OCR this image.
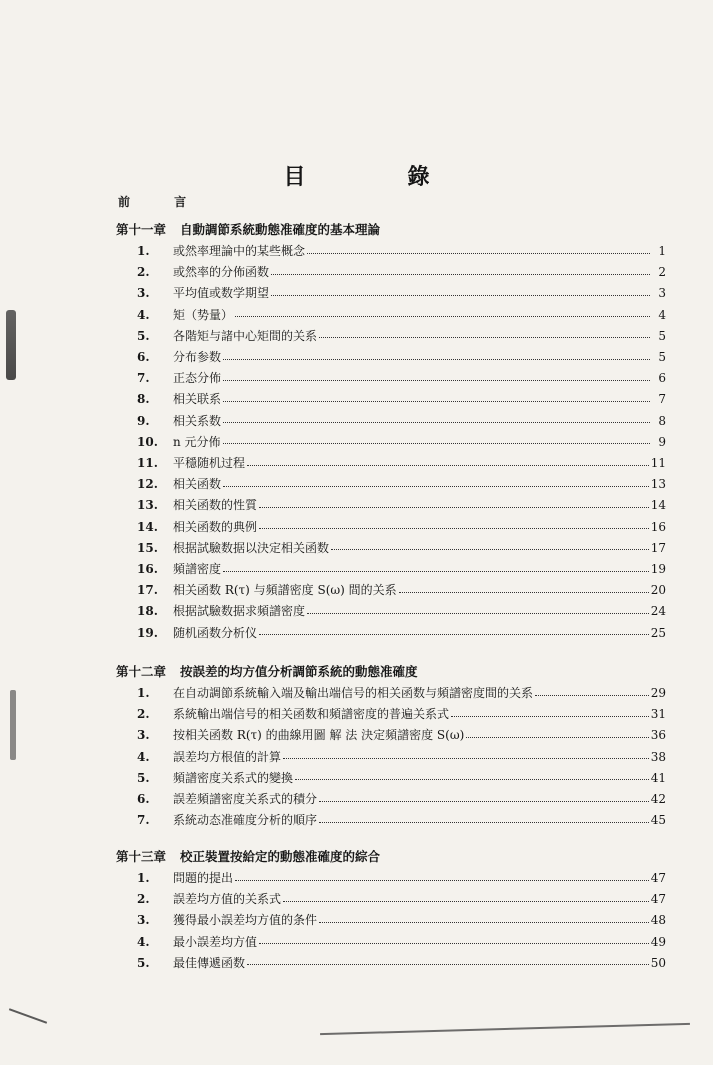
目　錄
前 言
第十一章 自動調節系統動態准確度的基本理論
1.	或然率理論中的某些概念	1
2.	或然率的分佈函数	2
3.	平均值或数学期望	3
4.	矩（势量）	4
5.	各階矩与諸中心矩間的关系	5
6.	分布参数	5
7.	正态分佈	6
8.	相关联系	7
9.	相关系数	8
10.	n 元分佈	9
11.	平穩随机过程	11
12.	相关函数	13
13.	相关函数的性質	14
14.	相关函数的典例	16
15.	根据試驗数据以決定相关函数	17
16.	頻譜密度	19
17.	相关函数 R(τ) 与頻譜密度 S(ω) 間的关系	20
18.	根据試驗数据求頻譜密度	24
19.	随机函数分析仪	25
第十二章 按誤差的均方值分析調節系統的動態准確度
1.	在自动調節系統輸入端及輸出端信号的相关函数与頻譜密度間的关系	29
2.	系統輸出端信号的相关函数和頻譜密度的普遍关系式	31
3.	按相关函数 R(τ) 的曲線用圖 解 法 決定頻譜密度 S(ω)	36
4.	誤差均方根值的計算	38
5.	頻譜密度关系式的變換	41
6.	誤差頻譜密度关系式的積分	42
7.	系統动态准確度分析的順序	45
第十三章 校正裝置按給定的動態准確度的綜合
1.	問題的提出	47
2.	誤差均方值的关系式	47
3.	獲得最小誤差均方值的条件	48
4.	最小誤差均方值	49
5.	最佳傳遞函数	50
